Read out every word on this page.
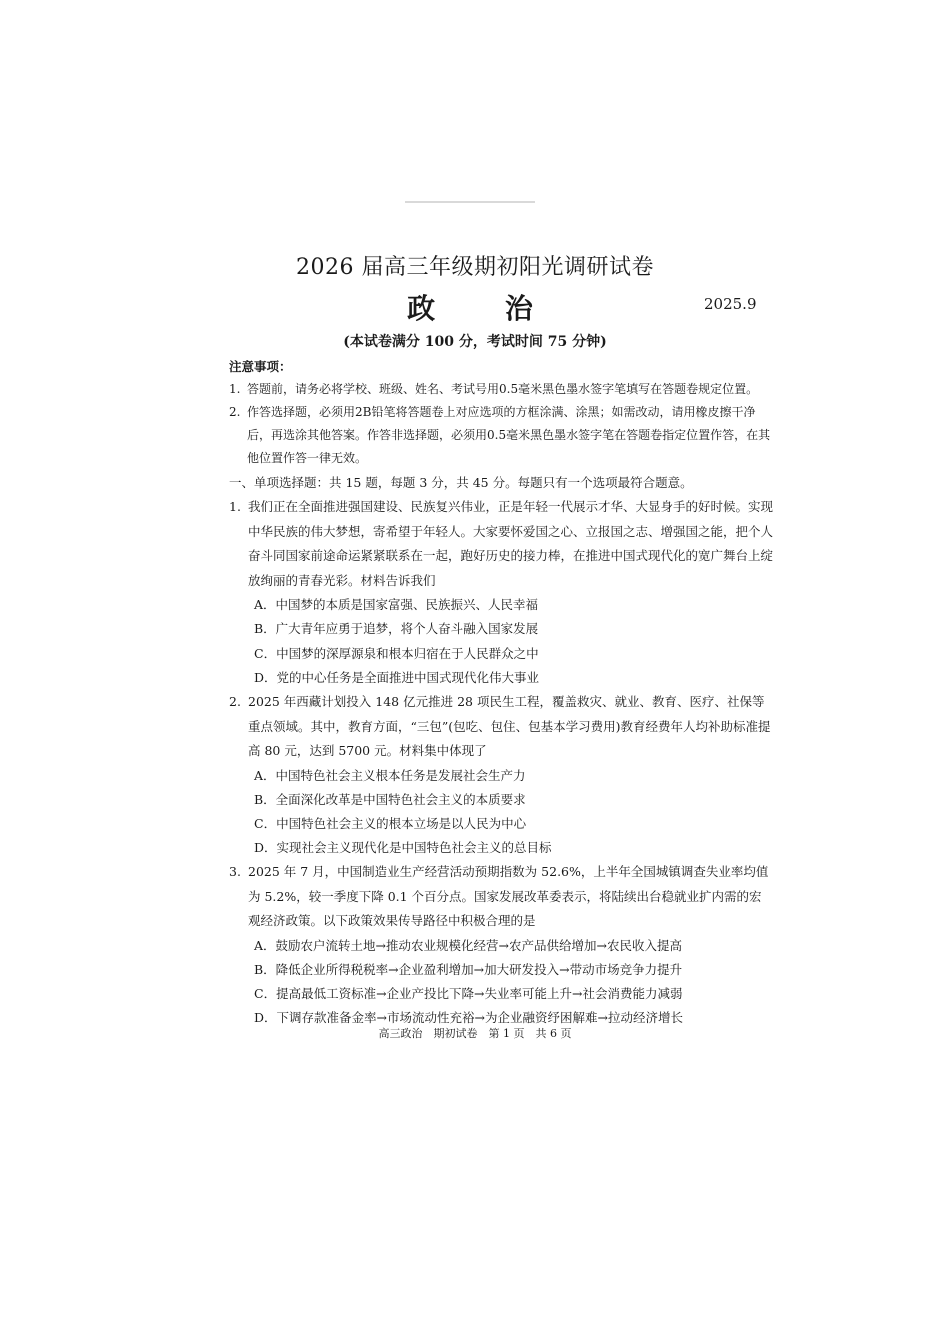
2026 届高三年级期初阳光调研试卷
政 治	2025.9
(本试卷满分 100 分，考试时间 75 分钟)
注意事项：
1. 答题前，请务必将学校、班级、姓名、考试号用0.5毫米黑色墨水签字笔填写在答题卷规定位置。
2. 作答选择题，必须用2B铅笔将答题卷上对应选项的方框涂满、涂黑；如需改动，请用橡皮擦干净后，再选涂其他答案。作答非选择题，必须用0.5毫米黑色墨水签字笔在答题卷指定位置作答，在其他位置作答一律无效。
一、单项选择题：共 15 题，每题 3 分，共 45 分。每题只有一个选项最符合题意。
1. 我们正在全面推进强国建设、民族复兴伟业，正是年轻一代展示才华、大显身手的好时候。实现中华民族的伟大梦想，寄希望于年轻人。大家要怀爱国之心、立报国之志、增强国之能，把个人奋斗同国家前途命运紧紧联系在一起，跑好历史的接力棒，在推进中国式现代化的宽广舞台上绽放绚丽的青春光彩。材料告诉我们
A．中国梦的本质是国家富强、民族振兴、人民幸福
B．广大青年应勇于追梦，将个人奋斗融入国家发展
C．中国梦的深厚源泉和根本归宿在于人民群众之中
D．党的中心任务是全面推进中国式现代化伟大事业
2. 2025 年西藏计划投入 148 亿元推进 28 项民生工程，覆盖救灾、就业、教育、医疗、社保等重点领域。其中，教育方面，“三包”(包吃、包住、包基本学习费用)教育经费年人均补助标准提高 80 元，达到 5700 元。材料集中体现了
A．中国特色社会主义根本任务是发展社会生产力
B．全面深化改革是中国特色社会主义的本质要求
C．中国特色社会主义的根本立场是以人民为中心
D．实现社会主义现代化是中国特色社会主义的总目标
3. 2025 年 7 月，中国制造业生产经营活动预期指数为 52.6%，上半年全国城镇调查失业率均值为 5.2%，较一季度下降 0.1 个百分点。国家发展改革委表示，将陆续出台稳就业扩内需的宏观经济政策。以下政策效果传导路径中积极合理的是
A．鼓励农户流转土地→推动农业规模化经营→农产品供给增加→农民收入提高
B．降低企业所得税税率→企业盈利增加→加大研发投入→带动市场竞争力提升
C．提高最低工资标准→企业产投比下降→失业率可能上升→社会消费能力减弱
D．下调存款准备金率→市场流动性充裕→为企业融资纾困解难→拉动经济增长
高三政治　期初试卷　第 1 页　共 6 页
